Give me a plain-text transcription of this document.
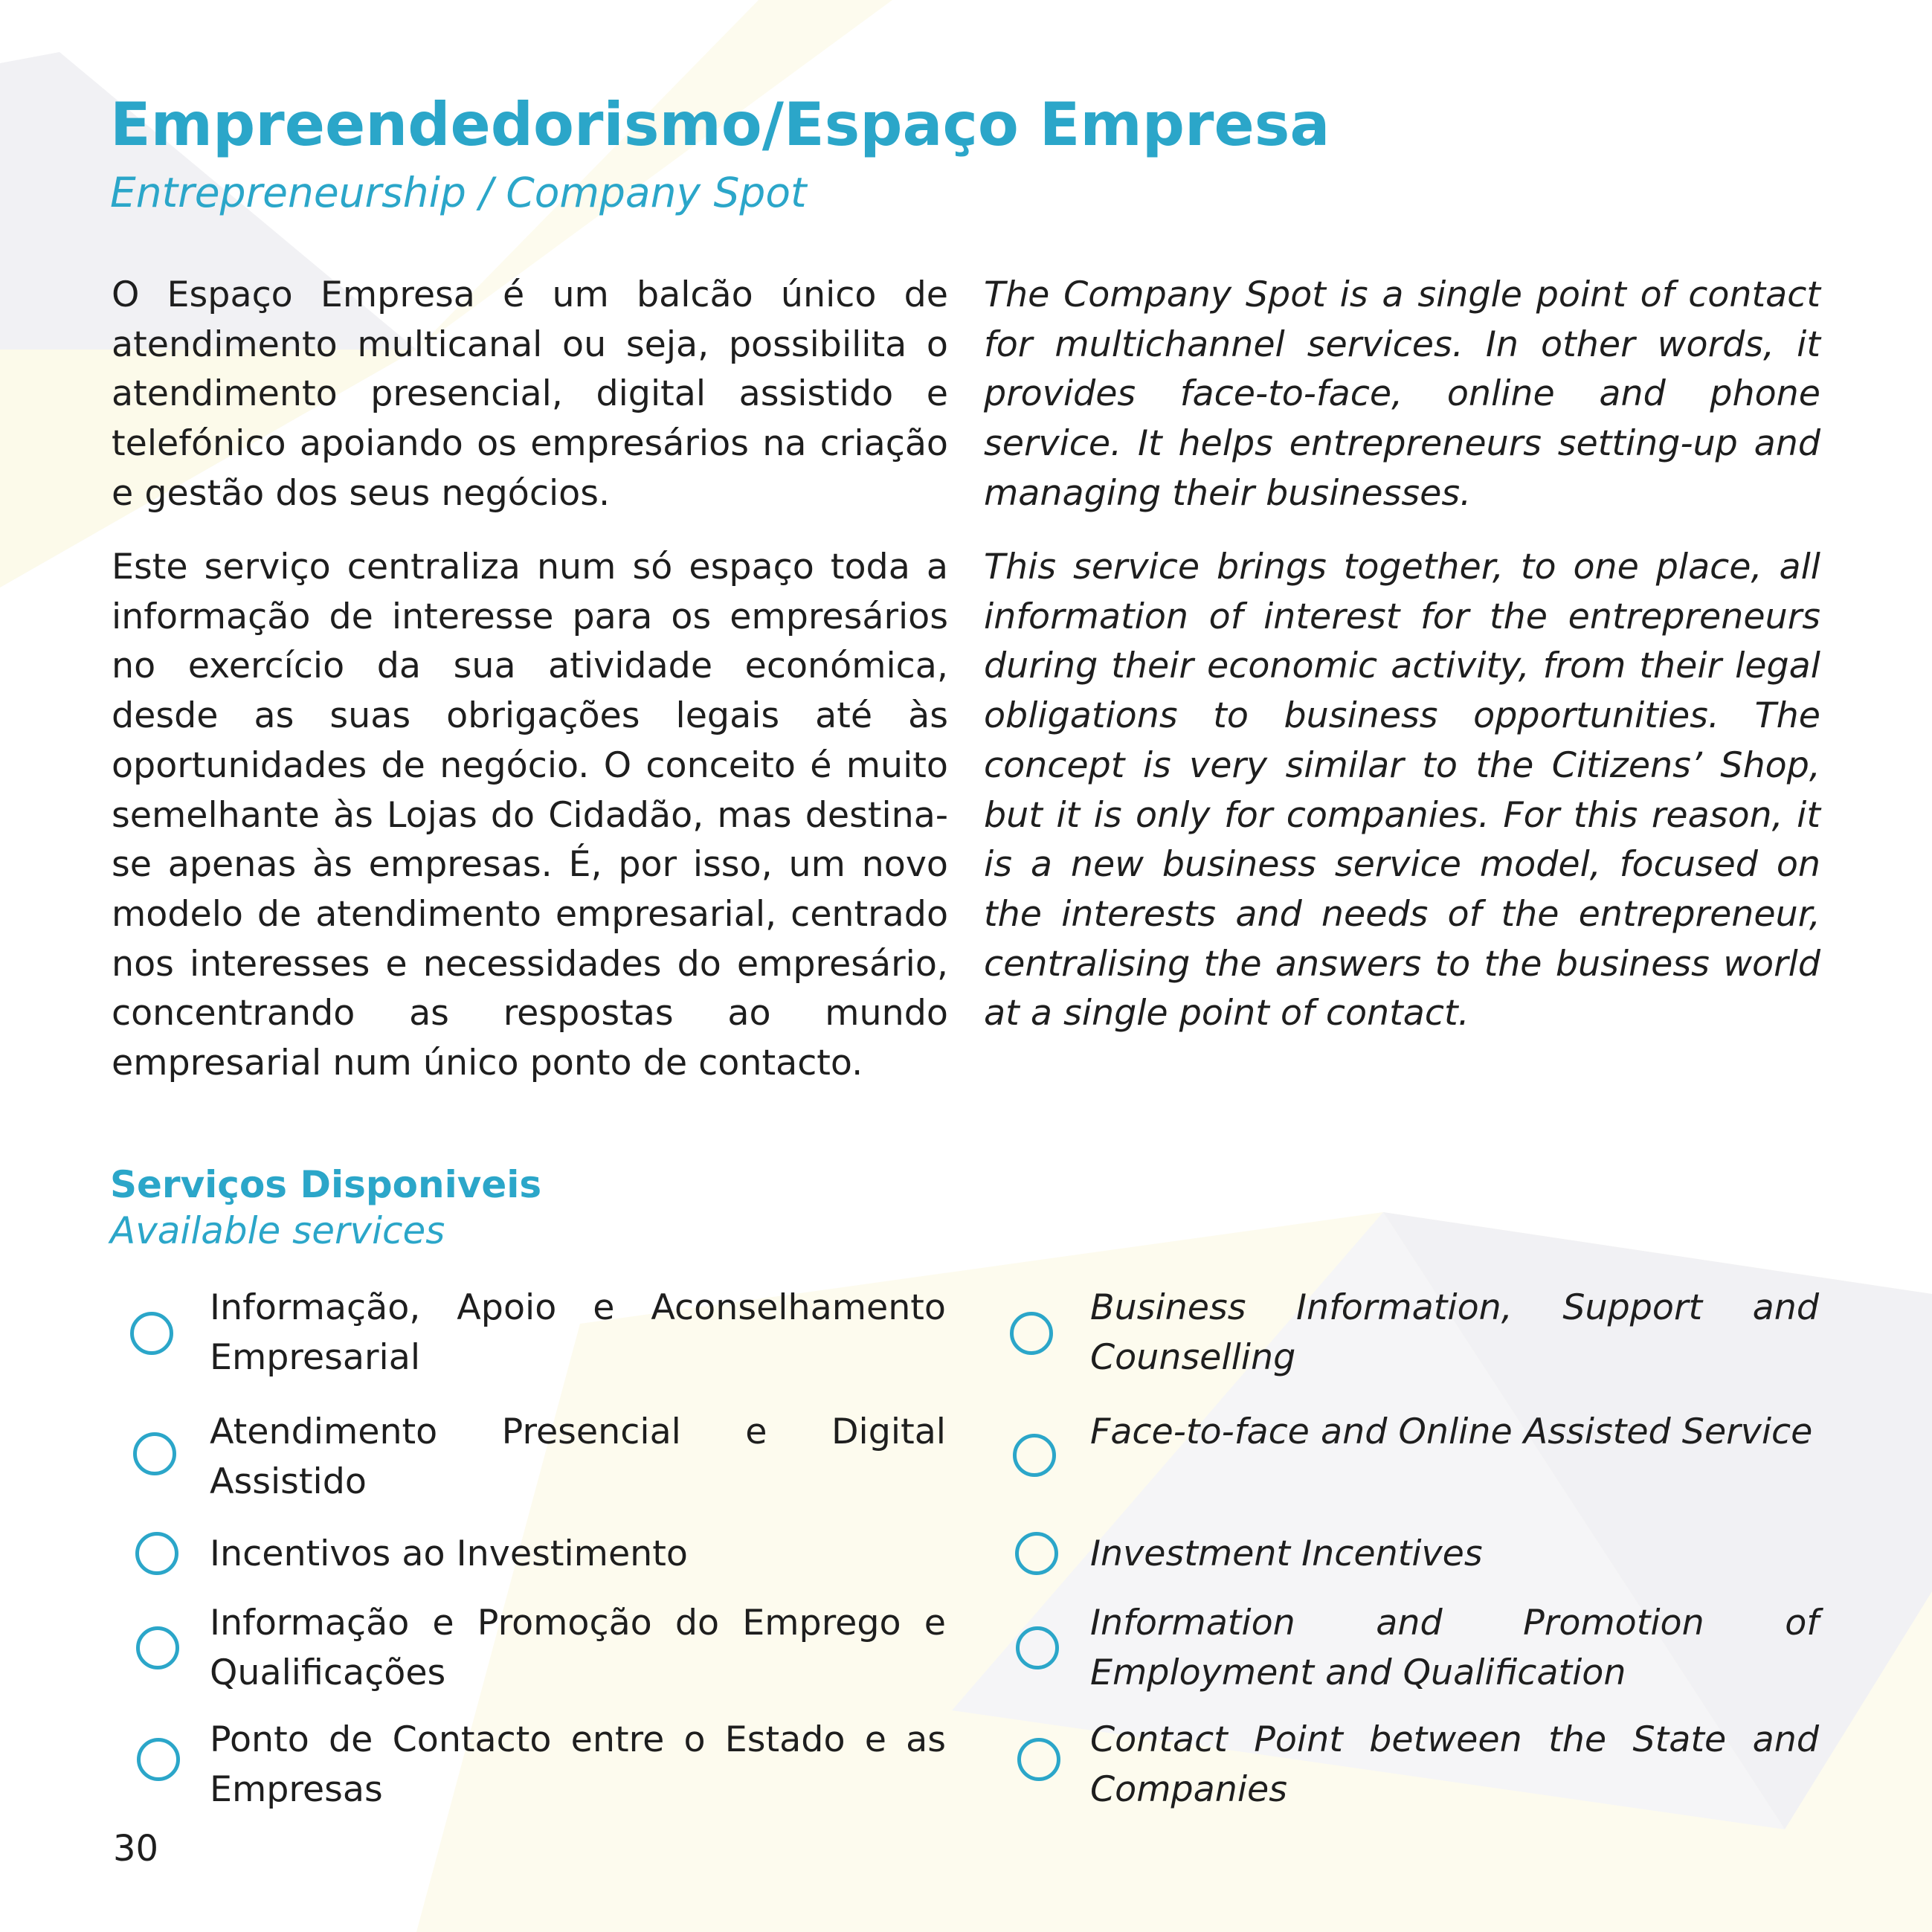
Empreendedorismo/Espaço Empresa
Entrepreneurship / Company Spot

O Espaço Empresa é um balcão único de atendimento multicanal ou seja, possibilita o atendimento presencial, digital assistido e telefónico apoiando os empresários na criação e gestão dos seus negócios.

The Company Spot is a single point of contact for multichannel services. In other words, it provides face-to-face, online and phone service. It helps entrepreneurs setting-up and managing their businesses.

Este serviço centraliza num só espaço toda a informação de interesse para os empresários no exercício da sua atividade económica, desde as suas obrigações legais até às oportunidades de negócio. O conceito é muito semelhante às Lojas do Cidadão, mas destina-se apenas às empresas. É, por isso, um novo modelo de atendimento empresarial, centrado nos interesses e necessidades do empresário, concentrando as respostas ao mundo empresarial num único ponto de contacto.

This service brings together, to one place, all information of interest for the entrepreneurs during their economic activity, from their legal obligations to business opportunities. The concept is very similar to the Citizens’ Shop, but it is only for companies. For this reason, it is a new business service model, focused on the interests and needs of the entrepreneur, centralising the answers to the business world at a single point of contact.

Serviços Disponiveis
Available services

Informação, Apoio e Aconselhamento Empresarial

Business Information, Support and Counselling

Atendimento Presencial e Digital Assistido

Face-to-face and Online Assisted Service

Incentivos ao Investimento	Investment Incentives

Informação e Promoção do Emprego e Qualificações

Information and Promotion of Employment and Qualification

Ponto de Contacto entre o Estado e as Empresas

Contact Point between the State and Companies

30
